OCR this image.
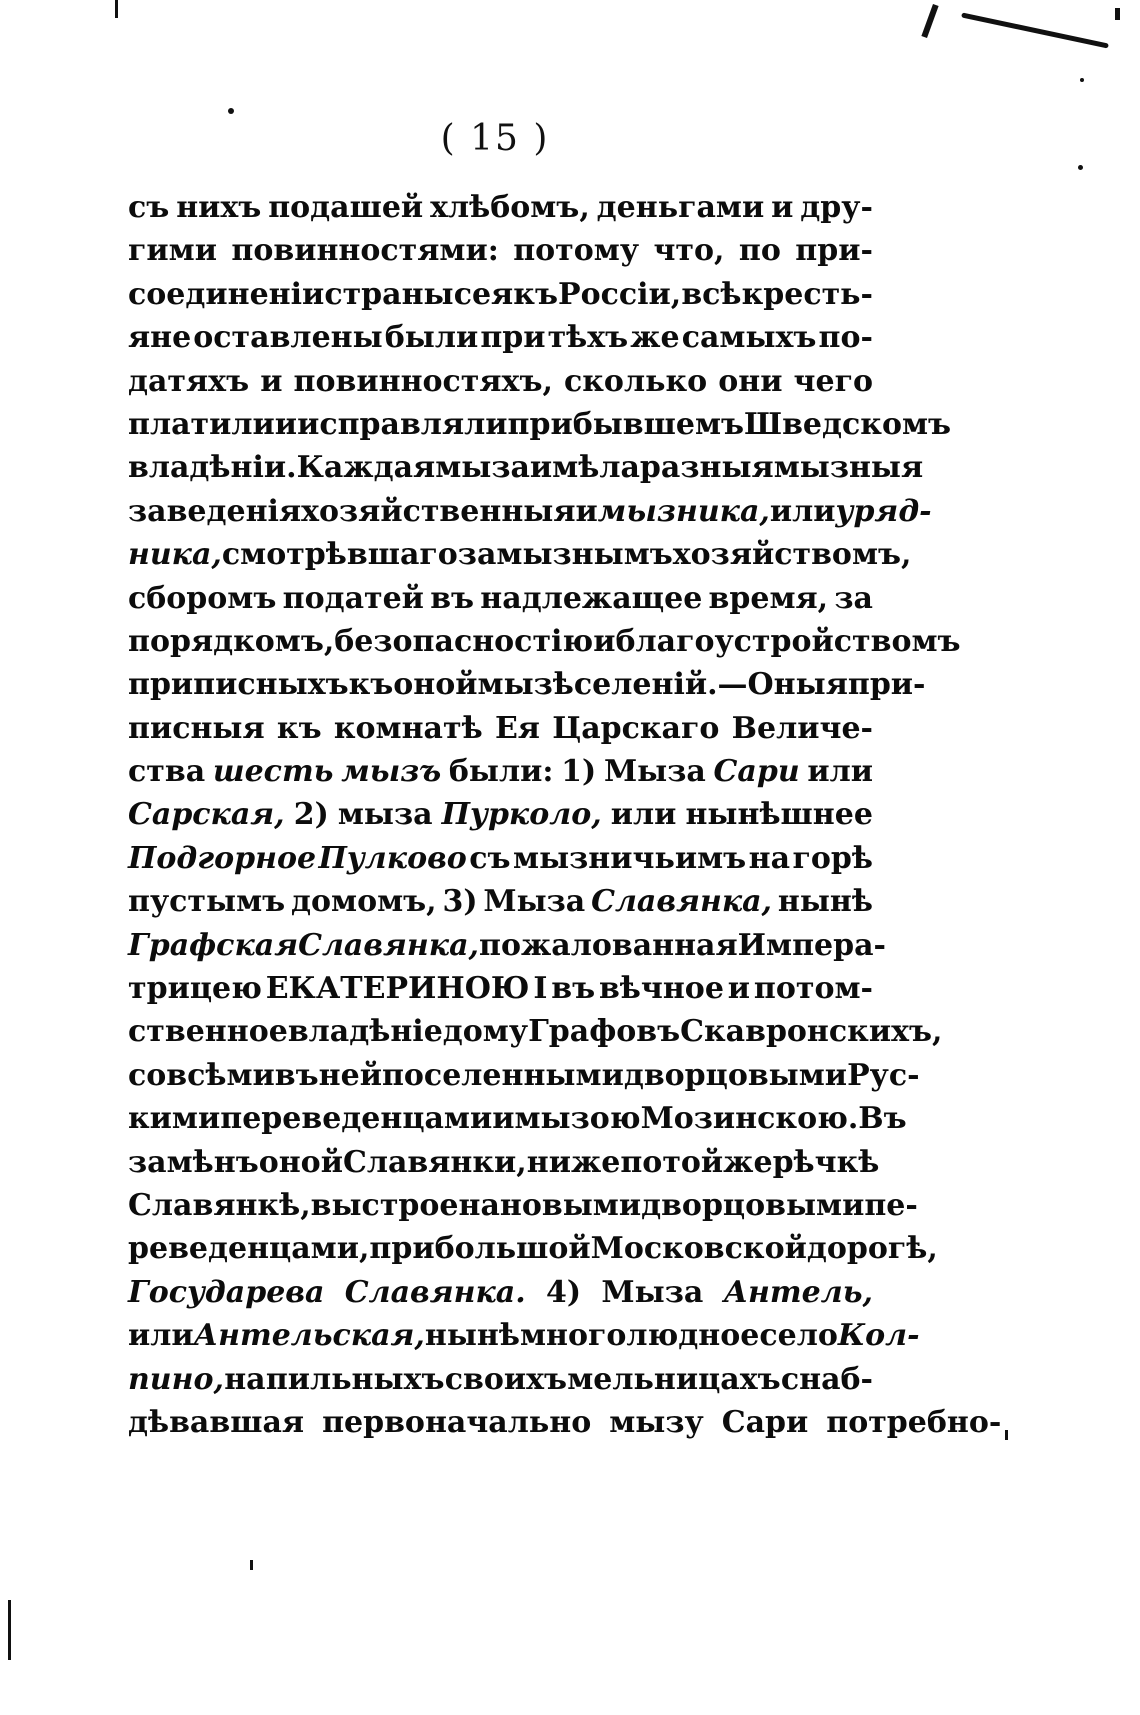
( 15 )
съ нихъ подашей хлѣбомъ, деньгами и дру-
гими повинностями: потому что, по при-
соединеніи страны сея къ Россіи, всѣ кресть-
яне оставлены были при тѣхъ же самыхъ по-
датяхъ и повинностяхъ, сколько они чего
платили и исправляли при бывшемъ Шведскомъ
владѣніи. Каждая мыза имѣла разныя мызныя
заведенія хозяйственныя и мызника, или уряд-
ника, смотрѣвшаго за мызнымъ хозяйствомъ,
сборомъ податей въ надлежащее время, за
порядкомъ, безопасностію и благоустройствомъ
приписныхъ къ оной мызѣ селеній. — Оныя при-
писныя къ комнатѣ Ея Царскаго Величе-
ства шесть мызъ были: 1) Мыза Сари или
Сарская, 2) мыза Пурколо, или нынѣшнее
Подгорное Пулково съ мызничьимъ на горѣ
пустымъ домомъ, 3) Мыза Славянка, нынѣ
Графская Славянка, пожалованная Импера-
трицею ЕКАТЕРИНОЮ I въ вѣчное и потом-
ственное владѣніе дому Графовъ Скавронскихъ,
со всѣми въ ней поселенными дворцовыми Рус-
кими переведенцами и мызою Мозинскою. Въ
замѣнъ оной Славянки, ниже по той же рѣчкѣ
Славянкѣ, выстроена новыми дворцовыми пе-
реведенцами, при большой Московской дорогѣ,
Государева Славянка. 4) Мыза Антель,
или Антельская, нынѣ многолюдное село Кол-
пино, на пильныхъ своихъ мельницахъ снаб-
дѣвавшая первоначально мызу Сари потребно-
